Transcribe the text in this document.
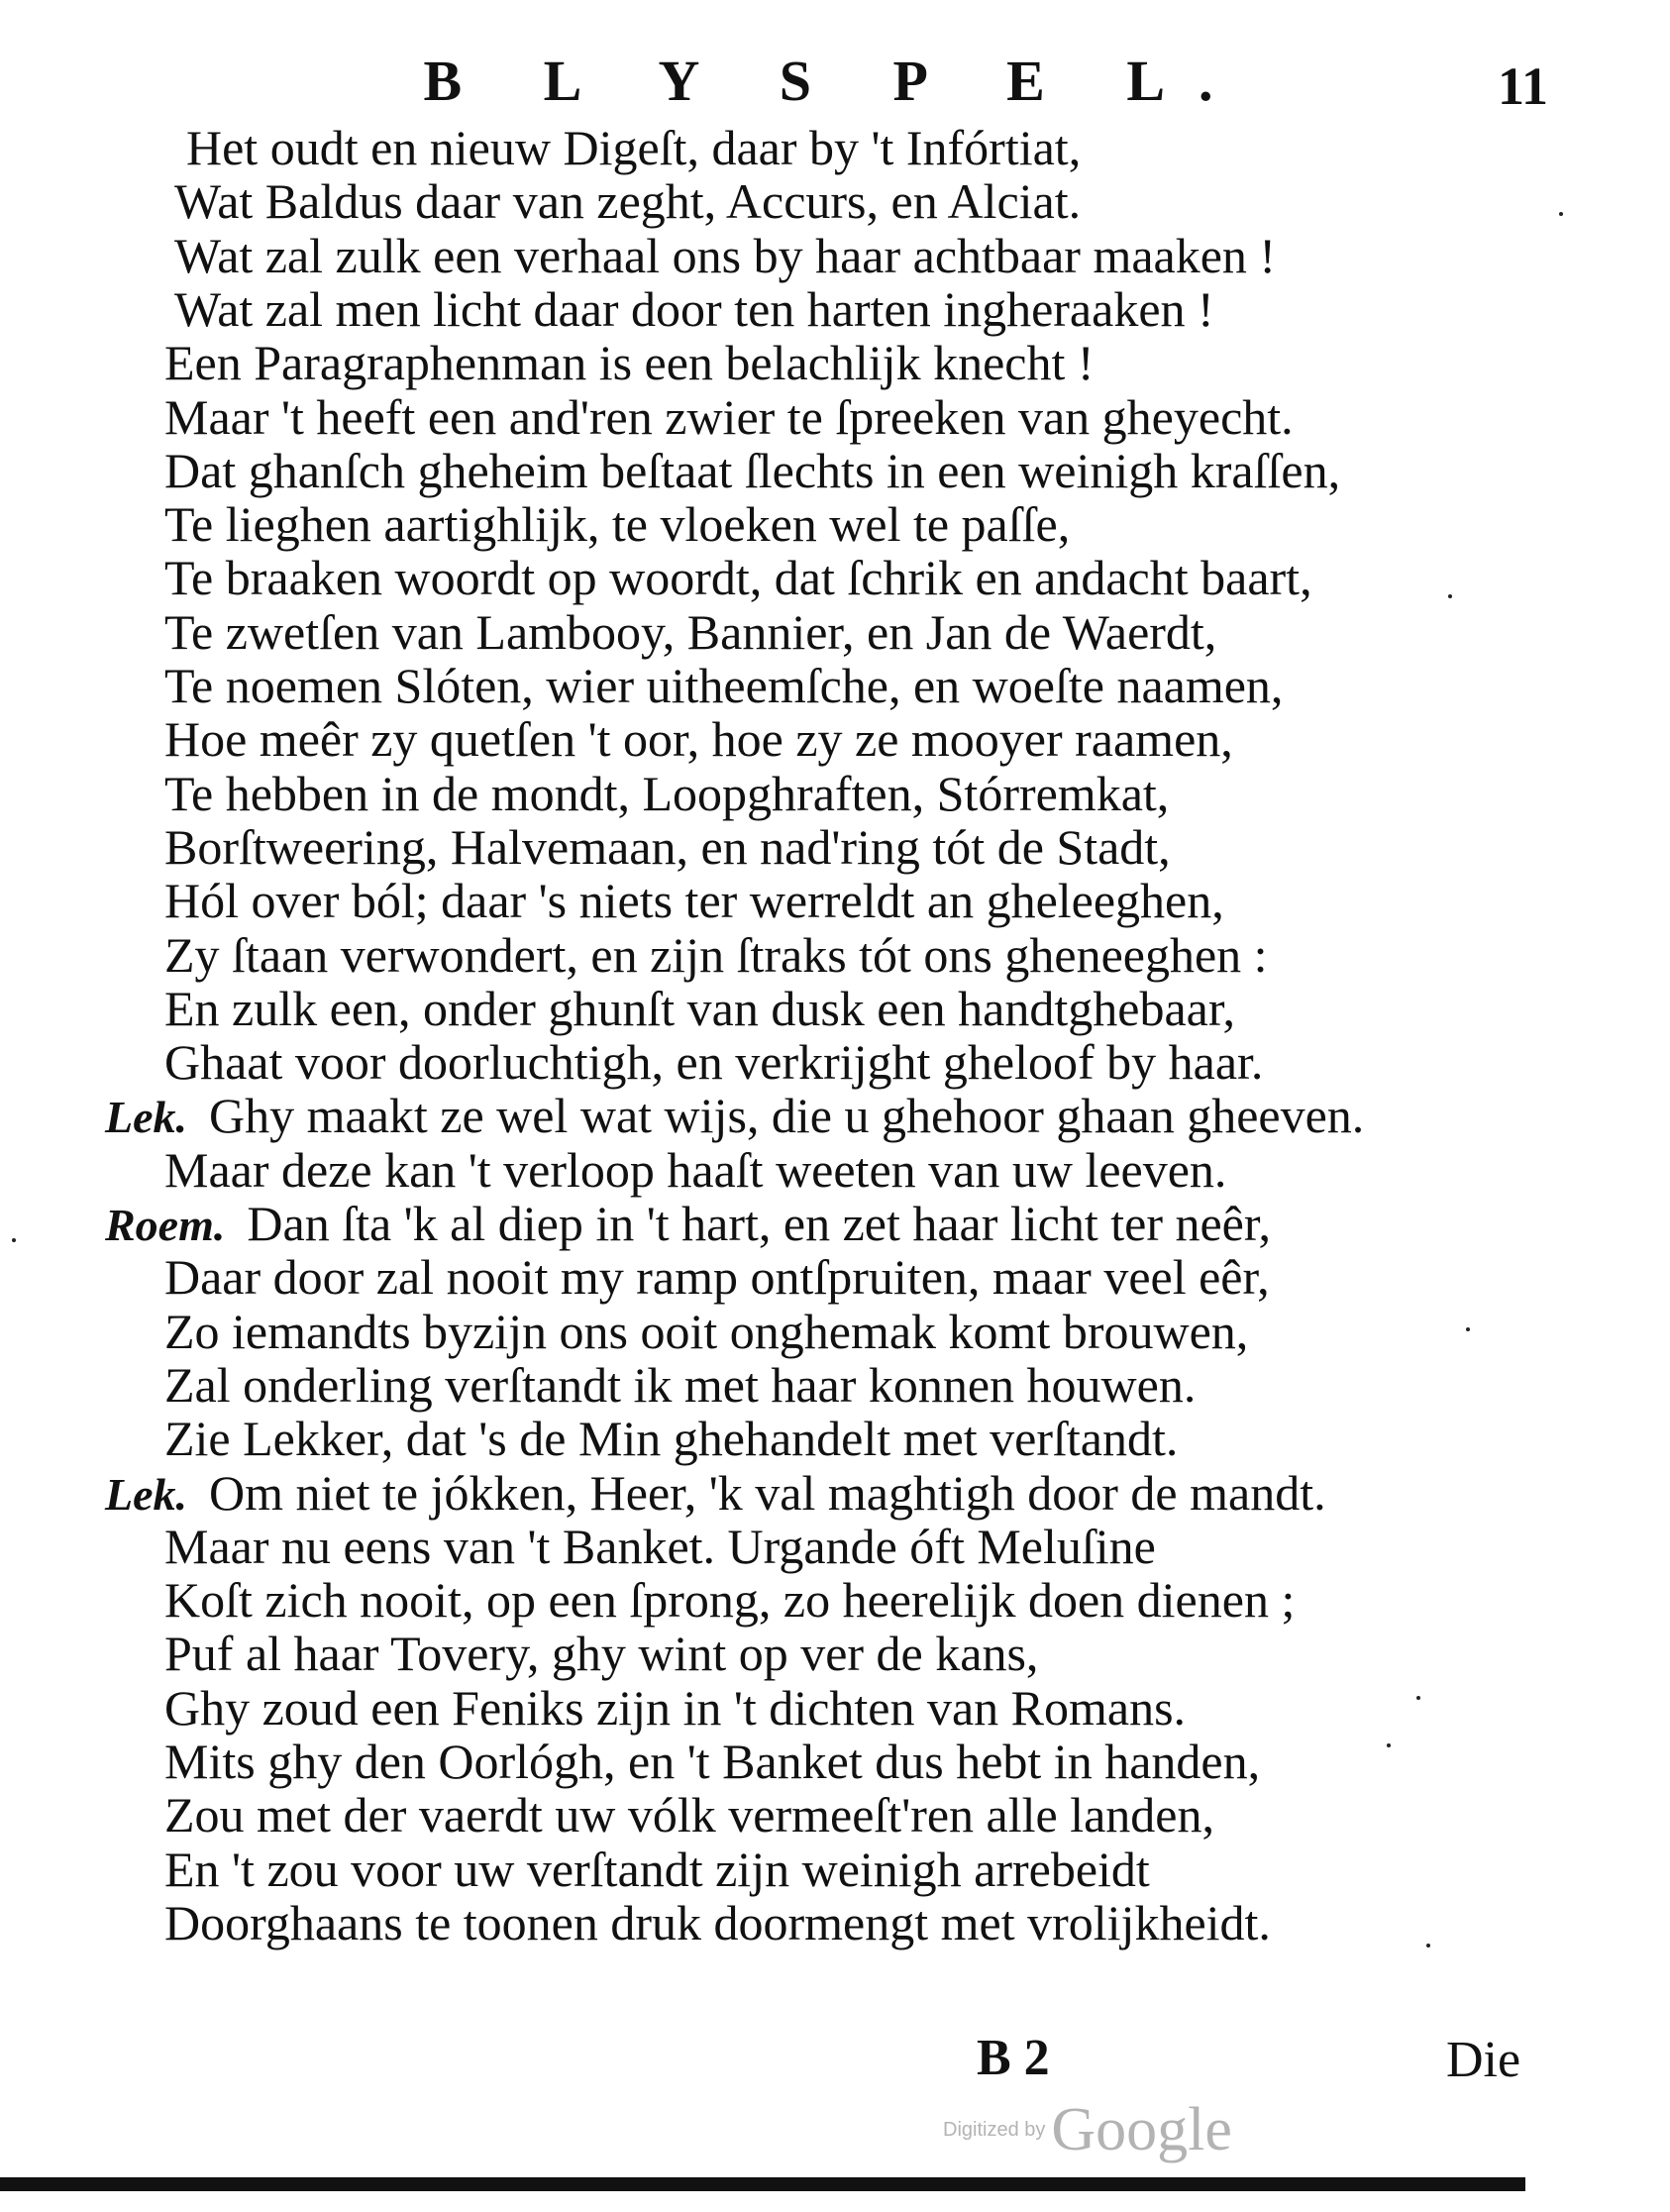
B L Y S P E L.	11
Het oudt en nieuw Digeſt, daar by 't Infórtiat,
Wat Baldus daar van zeght, Accurs, en Alciat.
Wat zal zulk een verhaal ons by haar achtbaar maaken !
Wat zal men licht daar door ten harten ingheraaken !
Een Paragraphenman is een belachlijk knecht !
Maar 't heeft een and'ren zwier te ſpreeken van gheyecht.
Dat ghanſch gheheim beſtaat ſlechts in een weinigh kraſſen,
Te lieghen aartighlijk, te vloeken wel te paſſe,
Te braaken woordt op woordt, dat ſchrik en andacht baart,
Te zwetſen van Lambooy, Bannier, en Jan de Waerdt,
Te noemen Slóten, wier uitheemſche, en woeſte naamen,
Hoe meêr zy quetſen 't oor, hoe zy ze mooyer raamen,
Te hebben in de mondt, Loopghraften, Stórremkat,
Borſtweering, Halvemaan, en nad'ring tót de Stadt,
Hól over ból; daar 's niets ter werreldt an gheleeghen,
Zy ſtaan verwondert, en zijn ſtraks tót ons gheneeghen :
En zulk een, onder ghunſt van dusk een handtghebaar,
Ghaat voor doorluchtigh, en verkrijght gheloof by haar.
Lek. Ghy maakt ze wel wat wijs, die u ghehoor ghaan gheeven.
Maar deze kan 't verloop haaſt weeten van uw leeven.
Roem. Dan ſta 'k al diep in 't hart, en zet haar licht ter neêr,
Daar door zal nooit my ramp ontſpruiten, maar veel eêr,
Zo iemandts byzijn ons ooit onghemak komt brouwen,
Zal onderling verſtandt ik met haar konnen houwen.
Zie Lekker, dat 's de Min ghehandelt met verſtandt.
Lek. Om niet te jókken, Heer, 'k val maghtigh door de mandt.
Maar nu eens van 't Banket. Urgande óft Meluſine
Koſt zich nooit, op een ſprong, zo heerelijk doen dienen ;
Puf al haar Tovery, ghy wint op ver de kans,
Ghy zoud een Feniks zijn in 't dichten van Romans.
Mits ghy den Oorlógh, en 't Banket dus hebt in handen,
Zou met der vaerdt uw vólk vermeeſt'ren alle landen,
En 't zou voor uw verſtandt zijn weinigh arrebeidt
Doorghaans te toonen druk doormengt met vrolijkheidt.
B 2	Die
Digitized byGoogle
